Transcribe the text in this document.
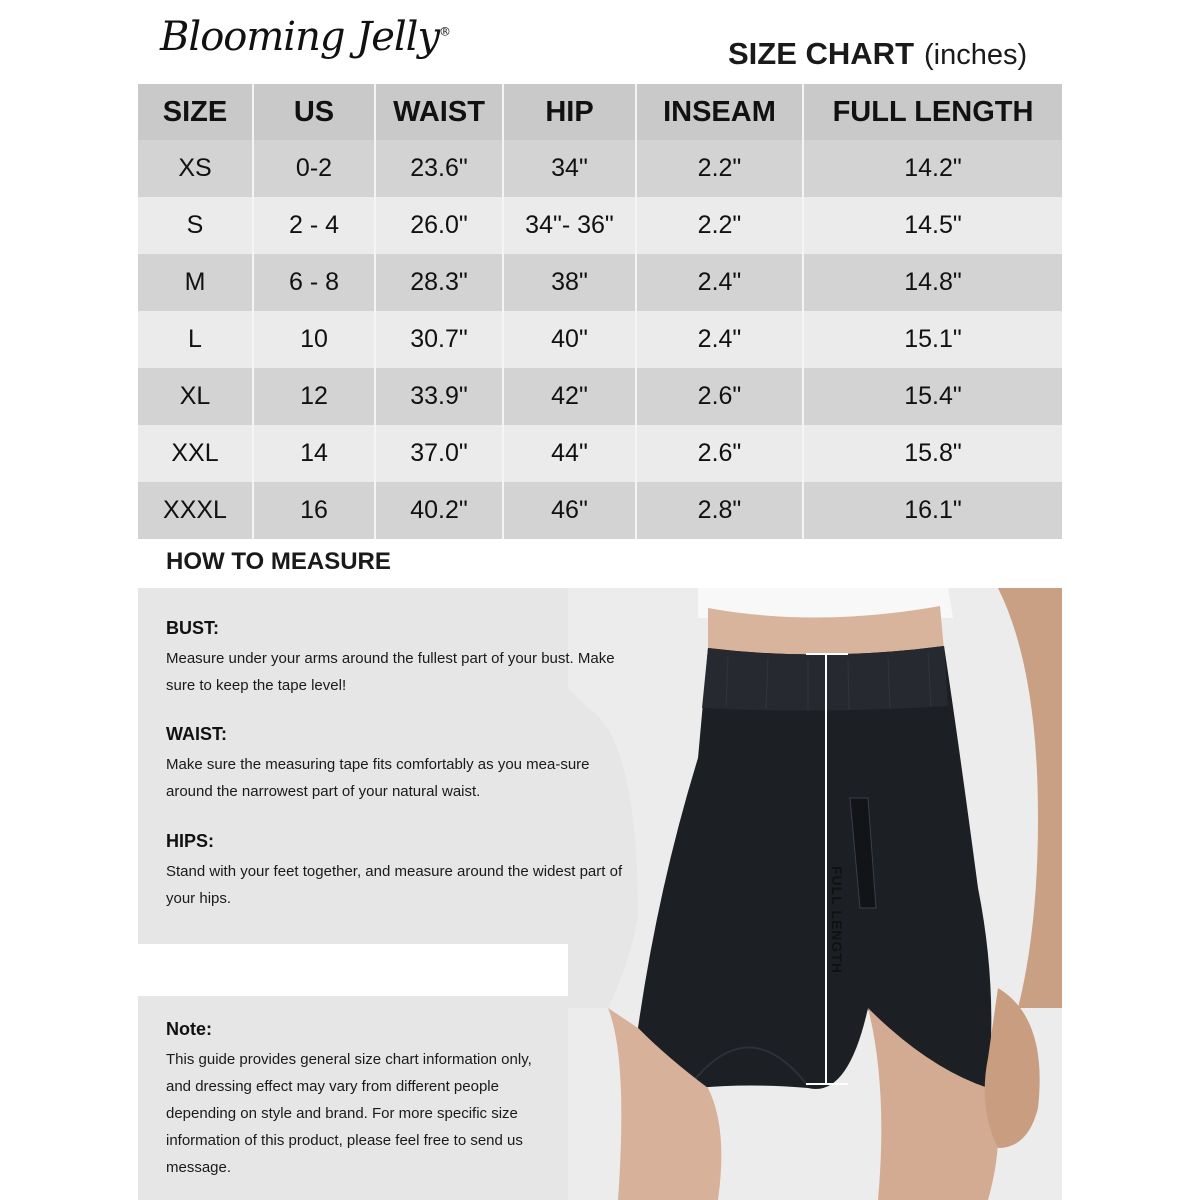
Blooming Jelly®
SIZE CHART (inches)
SIZE	US	WAIST	HIP	INSEAM	FULL LENGTH
XS	0-2	23.6"	34"	2.2"	14.2"
S	2 - 4	26.0"	34"- 36"	2.2"	14.5"
M	6 - 8	28.3"	38"	2.4"	14.8"
L	10	30.7"	40"	2.4"	15.1"
XL	12	33.9"	42"	2.6"	15.4"
XXL	14	37.0"	44"	2.6"	15.8"
XXXL	16	40.2"	46"	2.8"	16.1"
HOW TO MEASURE
FULL LENGTH
BUST:
Measure under your arms around the fullest part of your bust. Make sure to keep the tape level!
WAIST:
Make sure the measuring tape fits comfortably as you mea-sure around the narrowest part of your natural waist.
HIPS:
Stand with your feet together, and measure around the widest part of your hips.
Note:
This guide provides general size chart information only, and dressing effect may vary from different people depending on style and brand. For more specific size information of this product, please feel free to send us message.
